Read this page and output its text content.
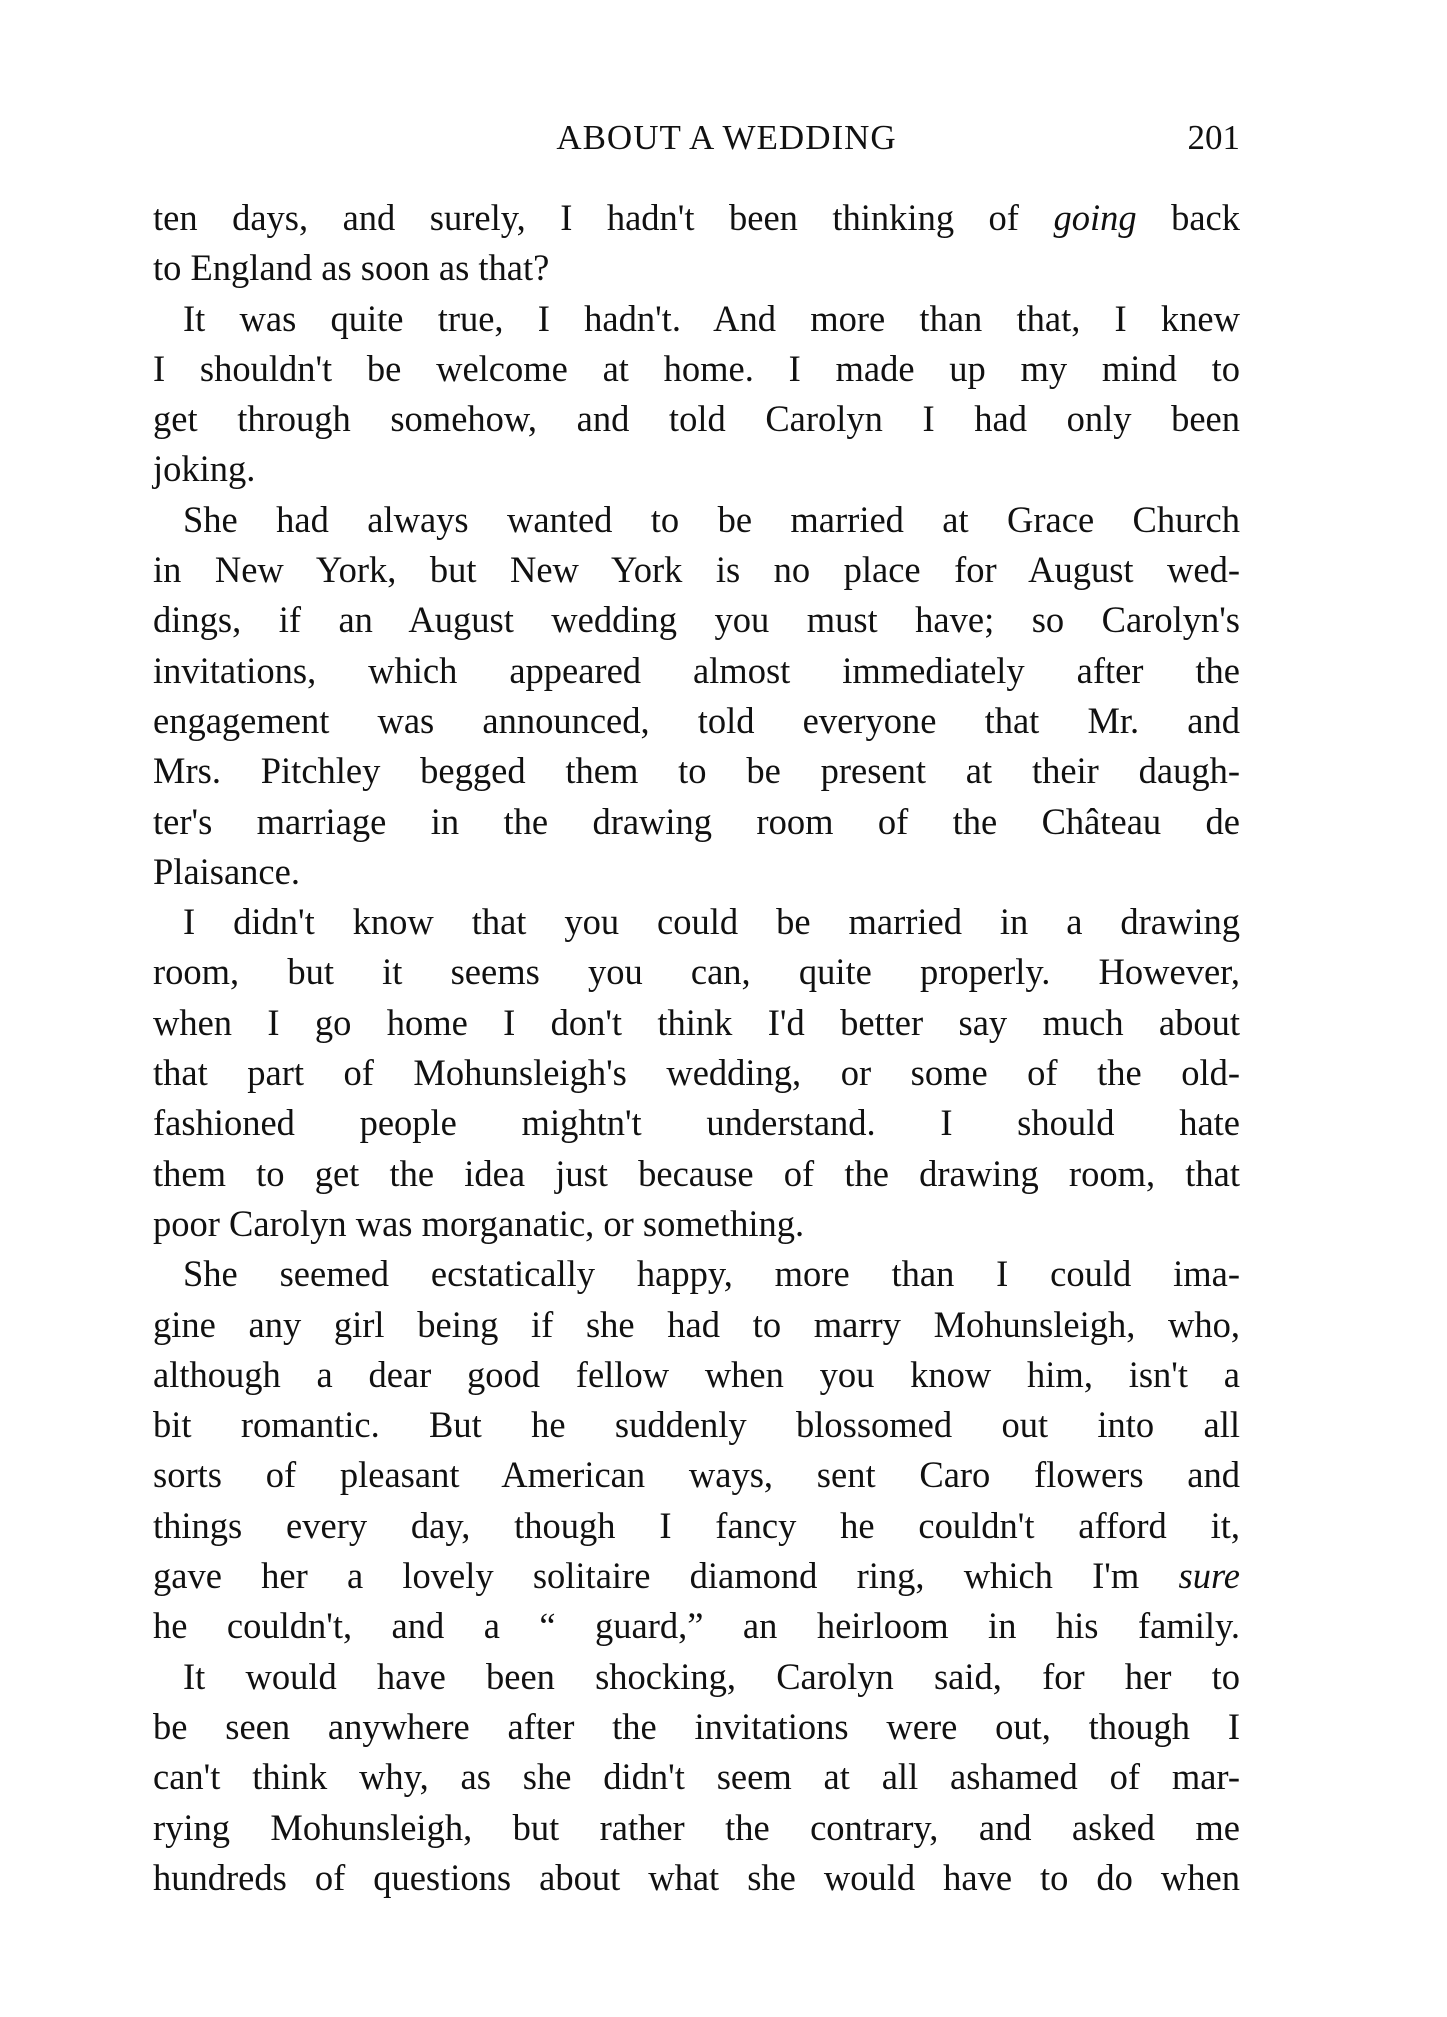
ABOUT A WEDDING	201
ten days, and surely, I hadn't been thinking of going back
to England as soon as that?
It was quite true, I hadn't. And more than that, I knew
I shouldn't be welcome at home. I made up my mind to
get through somehow, and told Carolyn I had only been
joking.
She had always wanted to be married at Grace Church
in New York, but New York is no place for August wed-
dings, if an August wedding you must have; so Carolyn's
invitations, which appeared almost immediately after the
engagement was announced, told everyone that Mr. and
Mrs. Pitchley begged them to be present at their daugh-
ter's marriage in the drawing room of the Château de
Plaisance.
I didn't know that you could be married in a drawing
room, but it seems you can, quite properly. However,
when I go home I don't think I'd better say much about
that part of Mohunsleigh's wedding, or some of the old-
fashioned people mightn't understand. I should hate
them to get the idea just because of the drawing room, that
poor Carolyn was morganatic, or something.
She seemed ecstatically happy, more than I could ima-
gine any girl being if she had to marry Mohunsleigh, who,
although a dear good fellow when you know him, isn't a
bit romantic. But he suddenly blossomed out into all
sorts of pleasant American ways, sent Caro flowers and
things every day, though I fancy he couldn't afford it,
gave her a lovely solitaire diamond ring, which I'm sure
he couldn't, and a “ guard,” an heirloom in his family.
It would have been shocking, Carolyn said, for her to
be seen anywhere after the invitations were out, though I
can't think why, as she didn't seem at all ashamed of mar-
rying Mohunsleigh, but rather the contrary, and asked me
hundreds of questions about what she would have to do when
